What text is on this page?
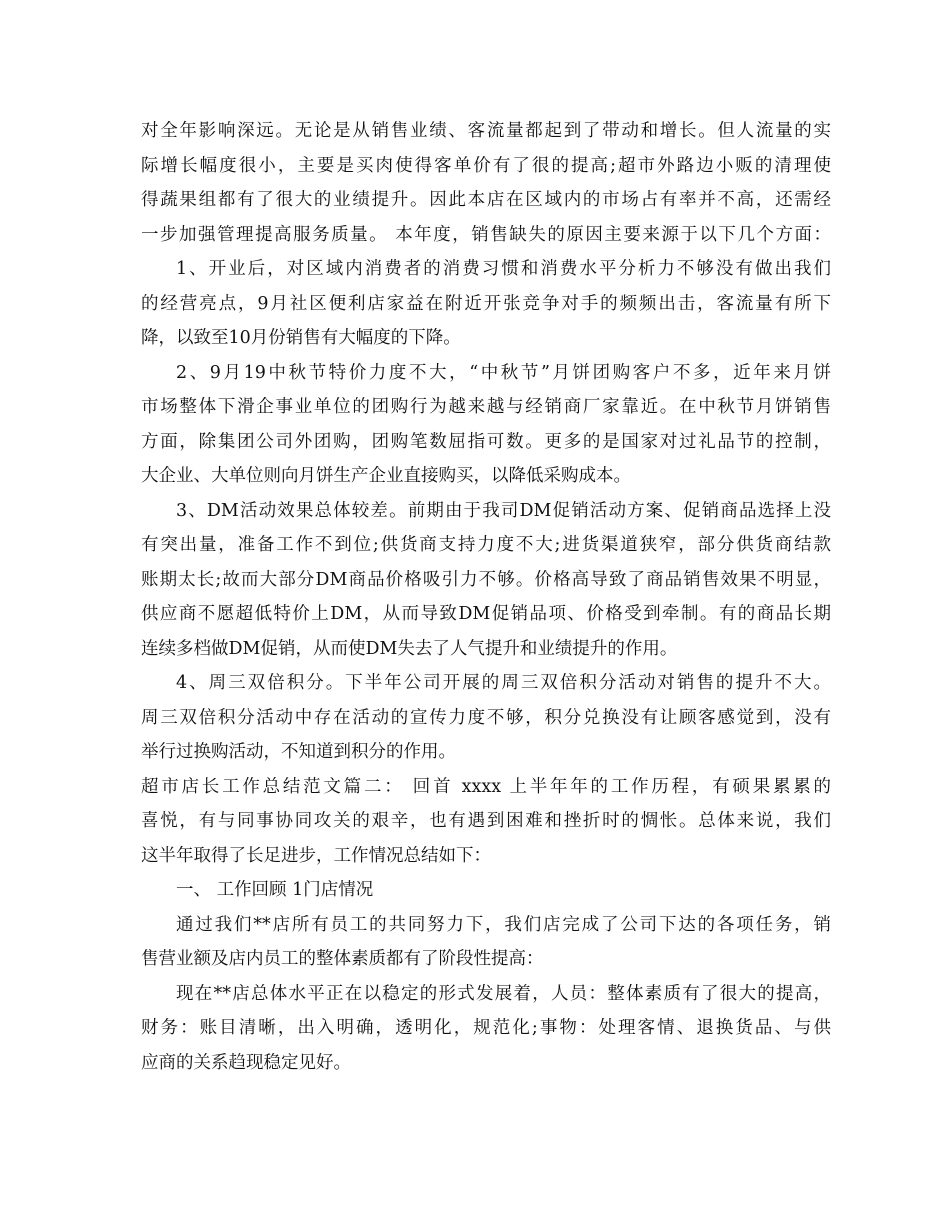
对全年影响深远。无论是从销售业绩、客流量都起到了带动和增长。但人流量的实
际增长幅度很小，主要是买肉使得客单价有了很的提高;超市外路边小贩的清理使
得蔬果组都有了很大的业绩提升。因此本店在区域内的市场占有率并不高，还需经
一步加强管理提高服务质量。 本年度，销售缺失的原因主要来源于以下几个方面：
1、开业后，对区域内消费者的消费习惯和消费水平分析力不够没有做出我们
的经营亮点，9月社区便利店家益在附近开张竞争对手的频频出击，客流量有所下
降，以致至10月份销售有大幅度的下降。
2、9月19中秋节特价力度不大，“中秋节”月饼团购客户不多，近年来月饼
市场整体下滑企事业单位的团购行为越来越与经销商厂家靠近。在中秋节月饼销售
方面，除集团公司外团购，团购笔数屈指可数。更多的是国家对过礼品节的控制，
大企业、大单位则向月饼生产企业直接购买，以降低采购成本。
3、DM活动效果总体较差。前期由于我司DM促销活动方案、促销商品选择上没
有突出量，准备工作不到位;供货商支持力度不大;进货渠道狭窄，部分供货商结款
账期太长;故而大部分DM商品价格吸引力不够。价格高导致了商品销售效果不明显，
供应商不愿超低特价上DM，从而导致DM促销品项、价格受到牵制。有的商品长期
连续多档做DM促销，从而使DM失去了人气提升和业绩提升的作用。
4、周三双倍积分。下半年公司开展的周三双倍积分活动对销售的提升不大。
周三双倍积分活动中存在活动的宣传力度不够，积分兑换没有让顾客感觉到，没有
举行过换购活动，不知道到积分的作用。
超市店长工作总结范文篇二： 回首 xxxx 上半年年的工作历程，有硕果累累的
喜悦，有与同事协同攻关的艰辛，也有遇到困难和挫折时的惆怅。总体来说，我们
这半年取得了长足进步，工作情况总结如下：
一、 工作回顾 1门店情况
通过我们**店所有员工的共同努力下，我们店完成了公司下达的各项任务，销
售营业额及店内员工的整体素质都有了阶段性提高：
现在**店总体水平正在以稳定的形式发展着，人员：整体素质有了很大的提高，
财务：账目清晰，出入明确，透明化，规范化;事物：处理客情、退换货品、与供
应商的关系趋现稳定见好。
